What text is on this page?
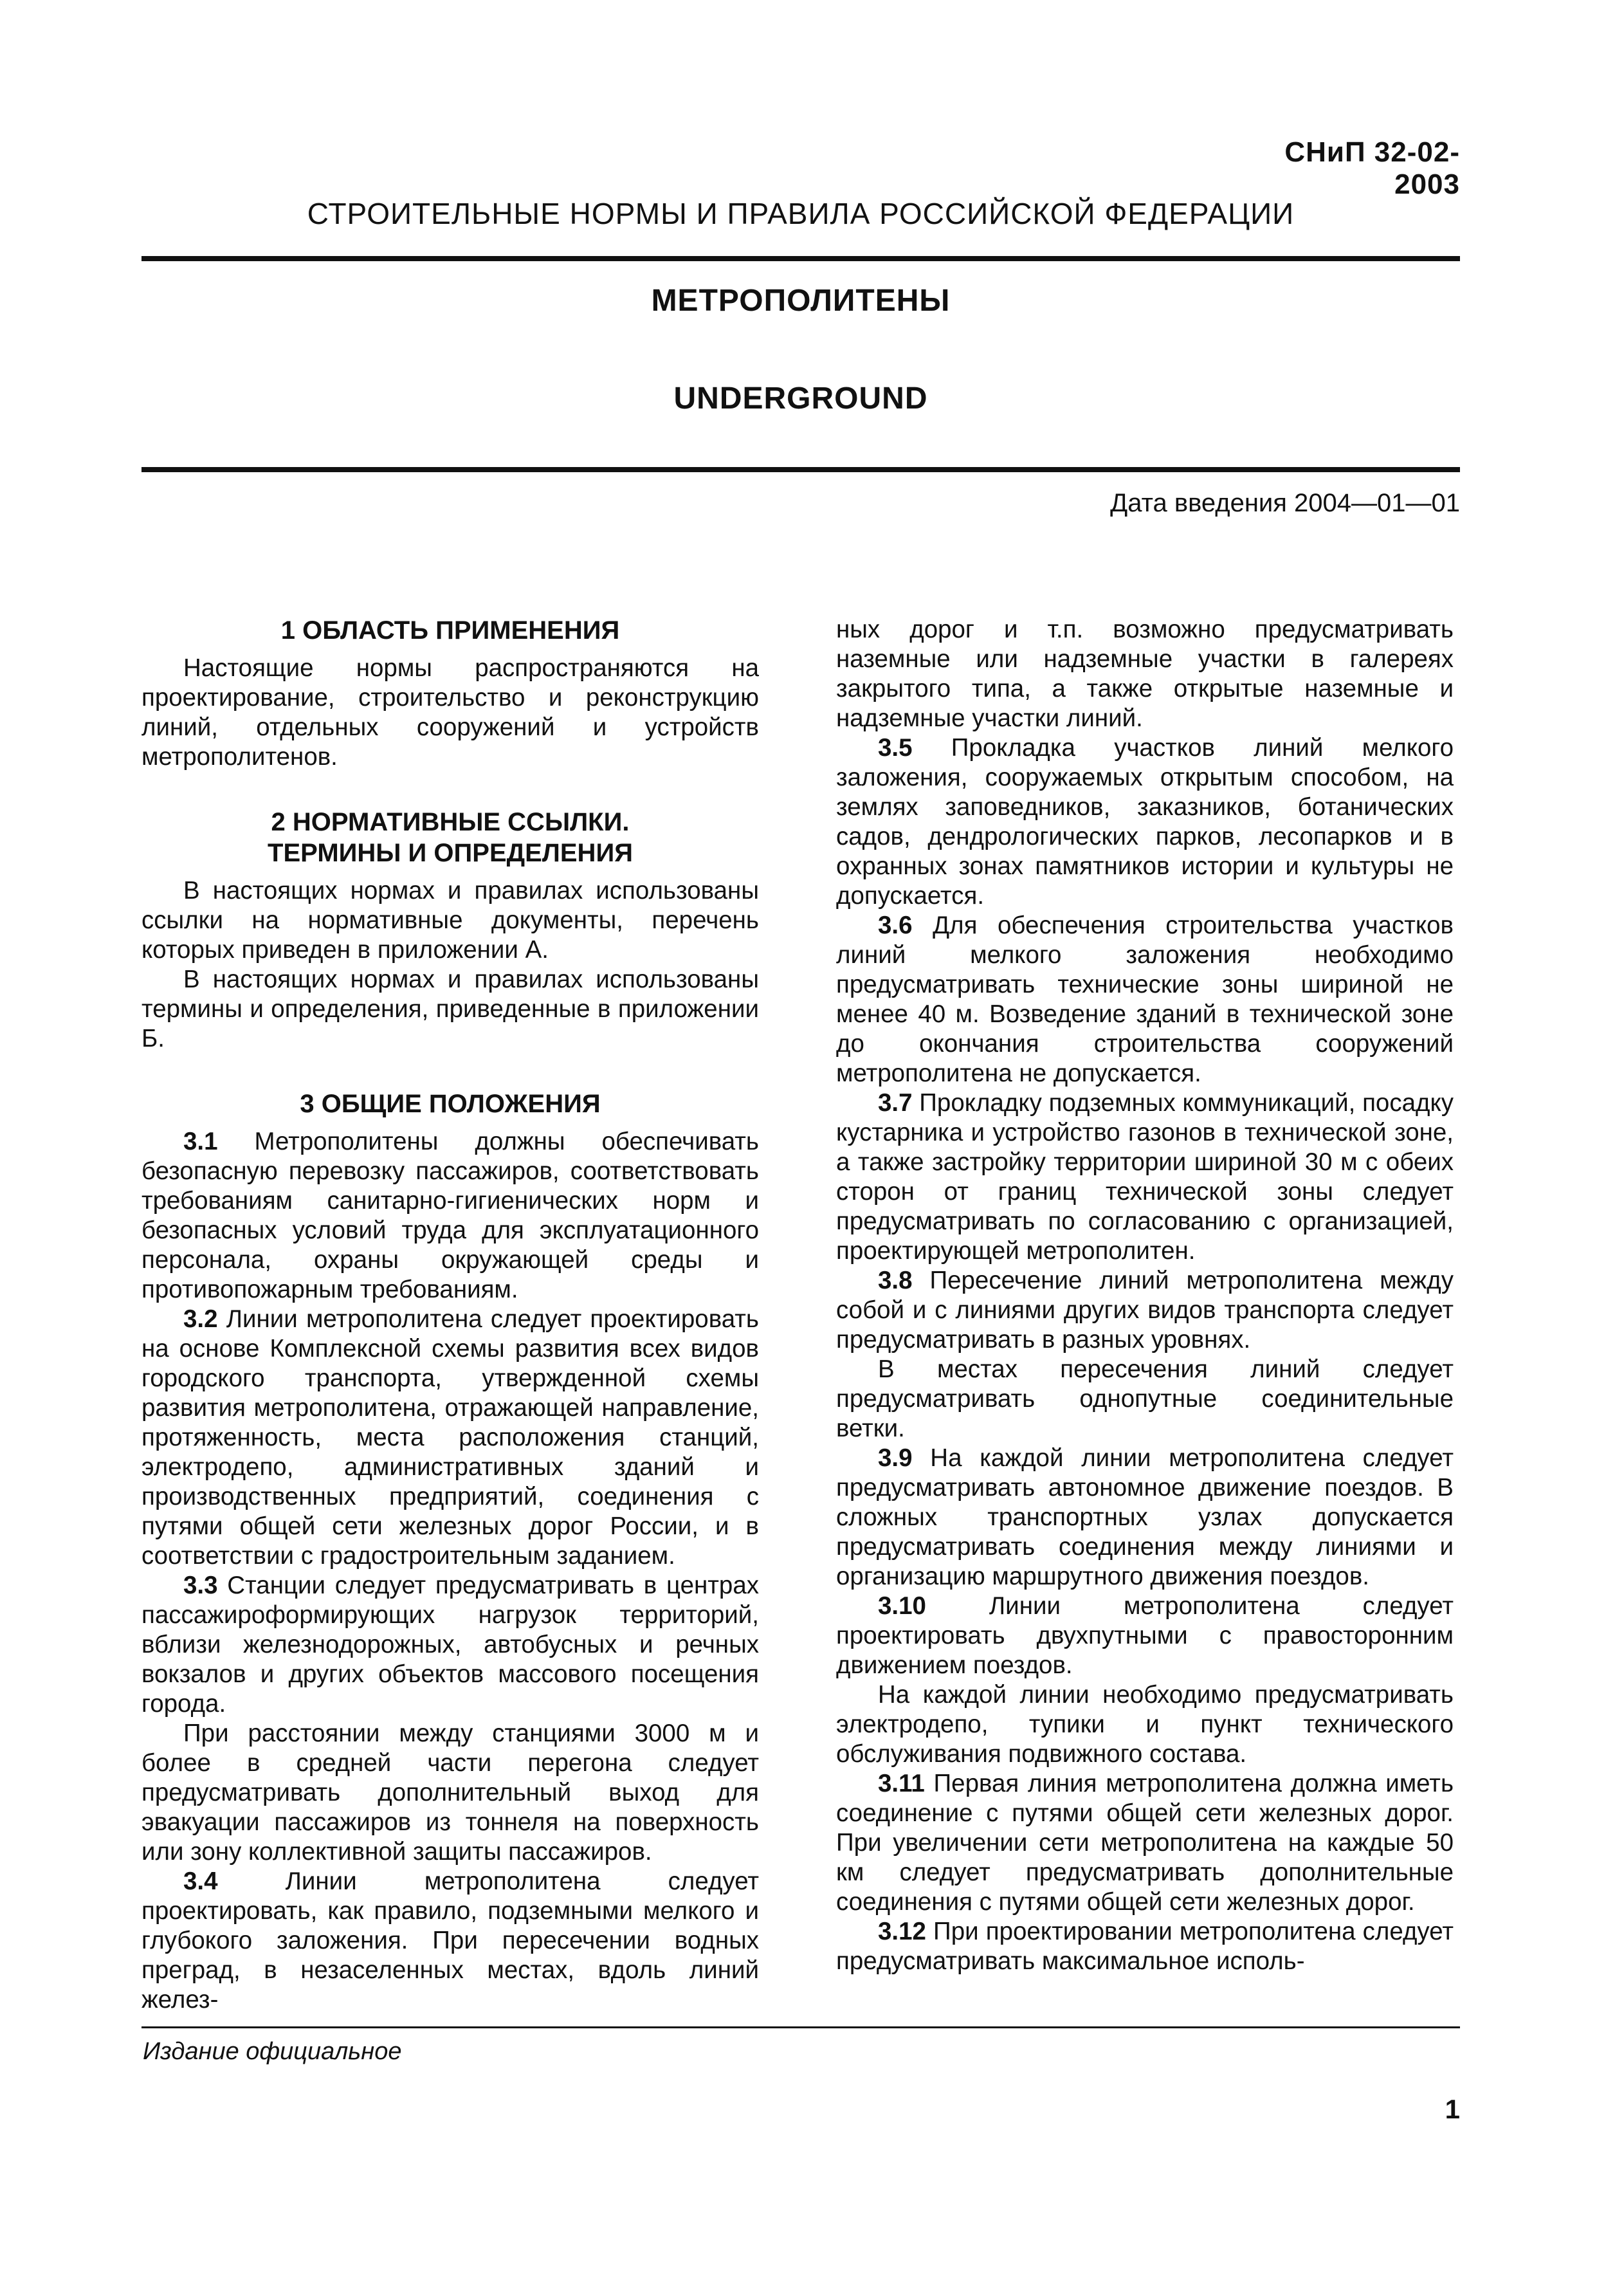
СНиП 32-02-2003
СТРОИТЕЛЬНЫЕ НОРМЫ И ПРАВИЛА РОССИЙСКОЙ ФЕДЕРАЦИИ
МЕТРОПОЛИТЕНЫ
UNDERGROUND
Дата введения 2004—01—01
1 ОБЛАСТЬ ПРИМЕНЕНИЯ

Настоящие нормы распространяются на проектирование, строительство и реконструкцию линий, отдельных сооружений и устройств метрополитенов.

2 НОРМАТИВНЫЕ ССЫЛКИ.
ТЕРМИНЫ И ОПРЕДЕЛЕНИЯ

В настоящих нормах и правилах использованы ссылки на нормативные документы, перечень которых приведен в приложении А.

В настоящих нормах и правилах использованы термины и определения, приведенные в приложении Б.

3 ОБЩИЕ ПОЛОЖЕНИЯ

3.1 Метрополитены должны обеспечивать безопасную перевозку пассажиров, соответствовать требованиям санитарно-гигиенических норм и безопасных условий труда для эксплуатационного персонала, охраны окружающей среды и противопожарным требованиям.

3.2 Линии метрополитена следует проектировать на основе Комплексной схемы развития всех видов городского транспорта, утвержденной схемы развития метрополитена, отражающей направление, протяженность, места расположения станций, электродепо, административных зданий и производственных предприятий, соединения с путями общей сети железных дорог России, и в соответствии с градостроительным заданием.

3.3 Станции следует предусматривать в центрах пассажироформирующих нагрузок территорий, вблизи железнодорожных, автобусных и речных вокзалов и других объектов массового посещения города.

При расстоянии между станциями 3000 м и более в средней части перегона следует предусматривать дополнительный выход для эвакуации пассажиров из тоннеля на поверхность или зону коллективной защиты пассажиров.

3.4 Линии метрополитена следует проектировать, как правило, подземными мелкого и глубокого заложения. При пересечении водных преград, в незаселенных местах, вдоль линий желез-

ных дорог и т.п. возможно предусматривать наземные или надземные участки в галереях закрытого типа, а также открытые наземные и надземные участки линий.

3.5 Прокладка участков линий мелкого заложения, сооружаемых открытым способом, на землях заповедников, заказников, ботанических садов, дендрологических парков, лесопарков и в охранных зонах памятников истории и культуры не допускается.

3.6 Для обеспечения строительства участков линий мелкого заложения необходимо предусматривать технические зоны шириной не менее 40 м. Возведение зданий в технической зоне до окончания строительства сооружений метрополитена не допускается.

3.7 Прокладку подземных коммуникаций, посадку кустарника и устройство газонов в технической зоне, а также застройку территории шириной 30 м с обеих сторон от границ технической зоны следует предусматривать по согласованию с организацией, проектирующей метрополитен.

3.8 Пересечение линий метрополитена между собой и с линиями других видов транспорта следует предусматривать в разных уровнях.

В местах пересечения линий следует предусматривать однопутные соединительные ветки.

3.9 На каждой линии метрополитена следует предусматривать автономное движение поездов. В сложных транспортных узлах допускается предусматривать соединения между линиями и организацию маршрутного движения поездов.

3.10 Линии метрополитена следует проектировать двухпутными с правосторонним движением поездов.

На каждой линии необходимо предусматривать электродепо, тупики и пункт технического обслуживания подвижного состава.

3.11 Первая линия метрополитена должна иметь соединение с путями общей сети железных дорог. При увеличении сети метрополитена на каждые 50 км следует предусматривать дополнительные соединения с путями общей сети железных дорог.

3.12 При проектировании метрополитена следует предусматривать максимальное исполь-

Издание официальное
1
